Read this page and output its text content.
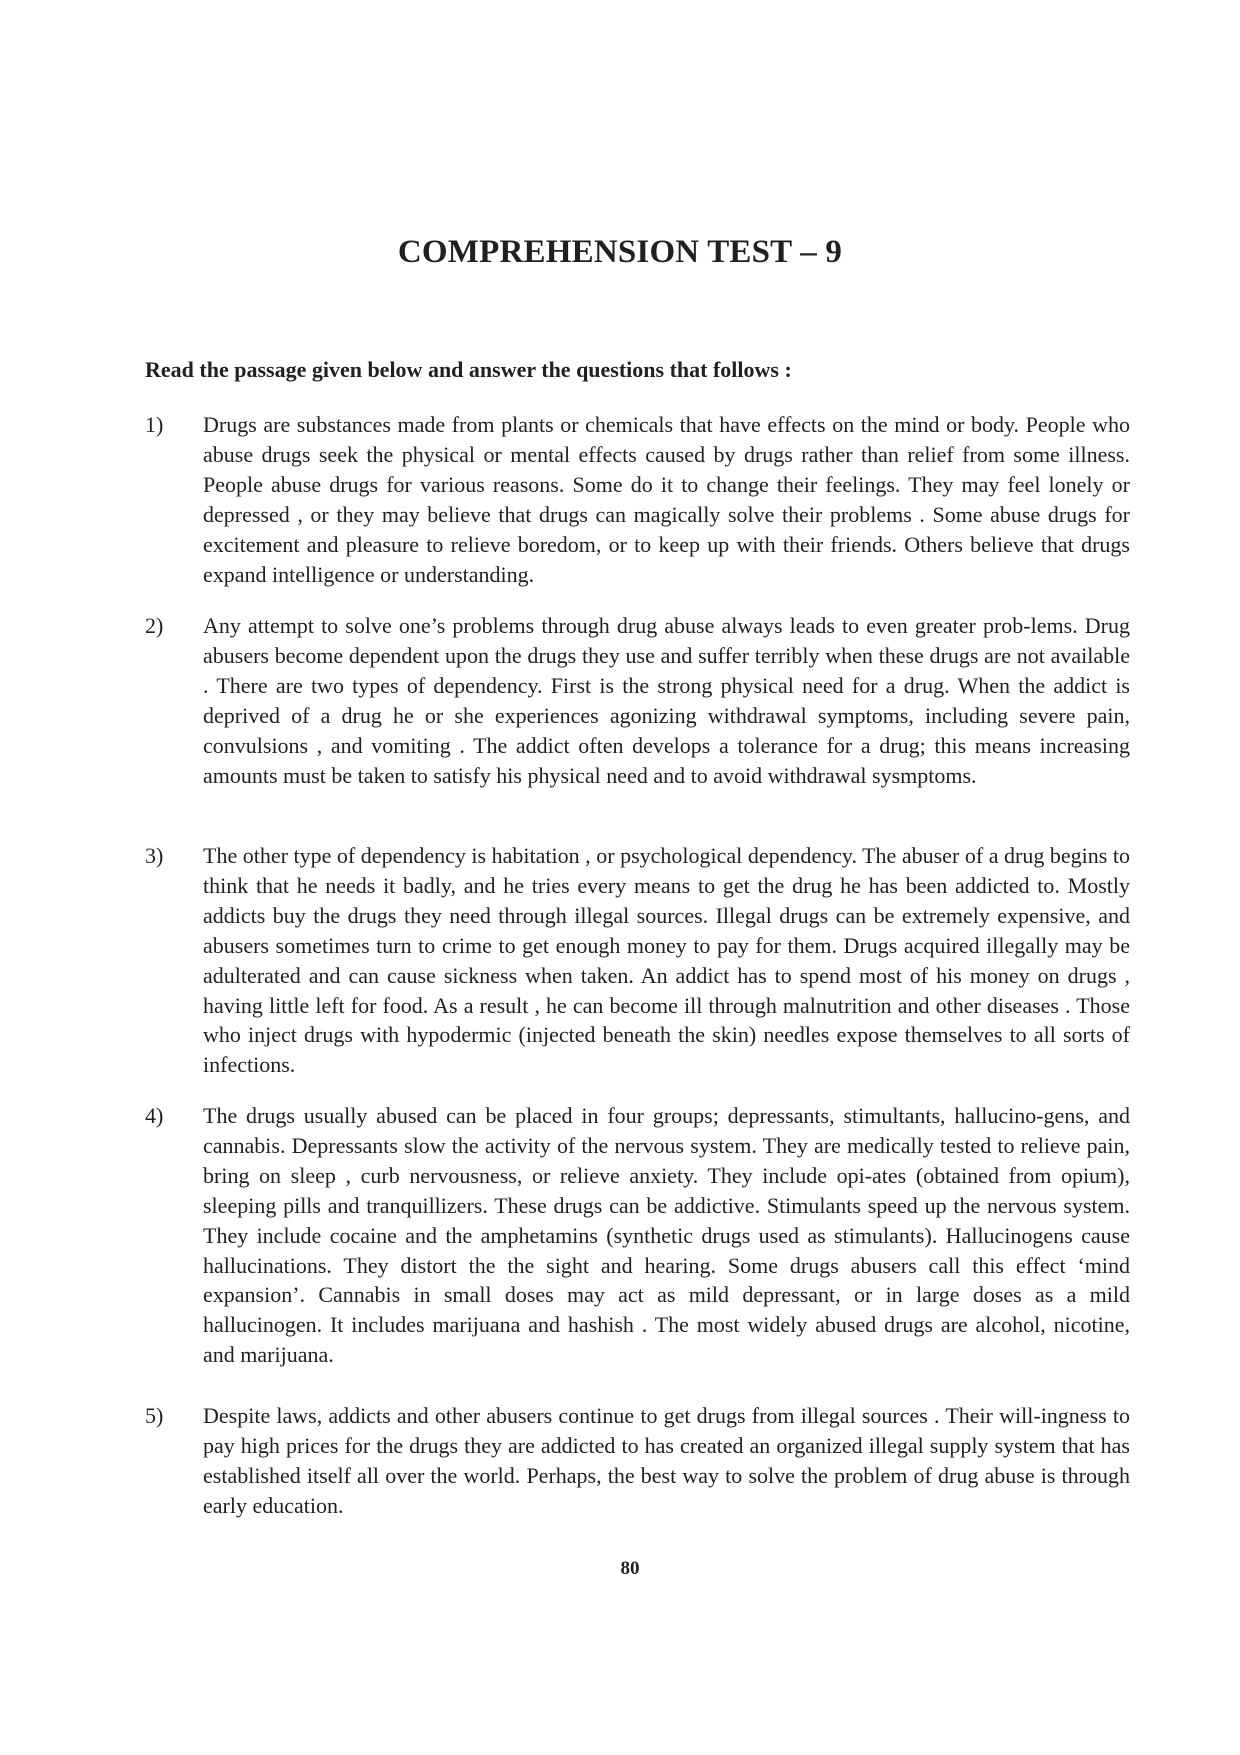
COMPREHENSION TEST – 9
Read the passage given below and answer the questions that follows :
1)	Drugs are substances made from plants or chemicals that have effects on the mind or body. People who abuse drugs seek the physical or mental effects caused by drugs rather than relief from some illness. People abuse drugs for various reasons. Some do it to change their feelings. They may feel lonely or depressed , or they may believe that drugs can magically solve their problems . Some abuse drugs for excitement and pleasure to relieve boredom, or to keep up with their friends. Others believe that drugs expand intelligence or understanding.
2)	Any attempt to solve one’s problems through drug abuse always leads to even greater prob-lems. Drug abusers become dependent upon the drugs they use and suffer terribly when these drugs are not available . There are two types of dependency. First is the strong physical need for a drug. When the addict is deprived of a drug he or she experiences agonizing withdrawal symptoms, including severe pain, convulsions , and vomiting . The addict often develops a tolerance for a drug; this means increasing amounts must be taken to satisfy his physical need and to avoid withdrawal sysmptoms.
3)	The other type of dependency is habitation , or psychological dependency. The abuser of a drug begins to think that he needs it badly, and he tries every means to get the drug he has been addicted to. Mostly addicts buy the drugs they need through illegal sources. Illegal drugs can be extremely expensive, and abusers sometimes turn to crime to get enough money to pay for them. Drugs acquired illegally may be adulterated and can cause sickness when taken. An addict has to spend most of his money on drugs , having little left for food. As a result , he can become ill through malnutrition and other diseases . Those who inject drugs with hypodermic (injected beneath the skin) needles expose themselves to all sorts of infections.
4)	The drugs usually abused can be placed in four groups; depressants, stimultants, hallucino-gens, and cannabis. Depressants slow the activity of the nervous system. They are medically tested to relieve pain, bring on sleep , curb nervousness, or relieve anxiety. They include opi-ates (obtained from opium), sleeping pills and tranquillizers. These drugs can be addictive. Stimulants speed up the nervous system. They include cocaine and the amphetamins (synthetic drugs used as stimulants). Hallucinogens cause hallucinations. They distort the the sight and hearing. Some drugs abusers call this effect ‘mind expansion’. Cannabis in small doses may act as mild depressant, or in large doses as a mild hallucinogen. It includes marijuana and hashish . The most widely abused drugs are alcohol, nicotine, and marijuana.
5)	Despite laws, addicts and other abusers continue to get drugs from illegal sources . Their will-ingness to pay high prices for the drugs they are addicted to has created an organized illegal supply system that has established itself all over the world. Perhaps, the best way to solve the problem of drug abuse is through early education.
80
